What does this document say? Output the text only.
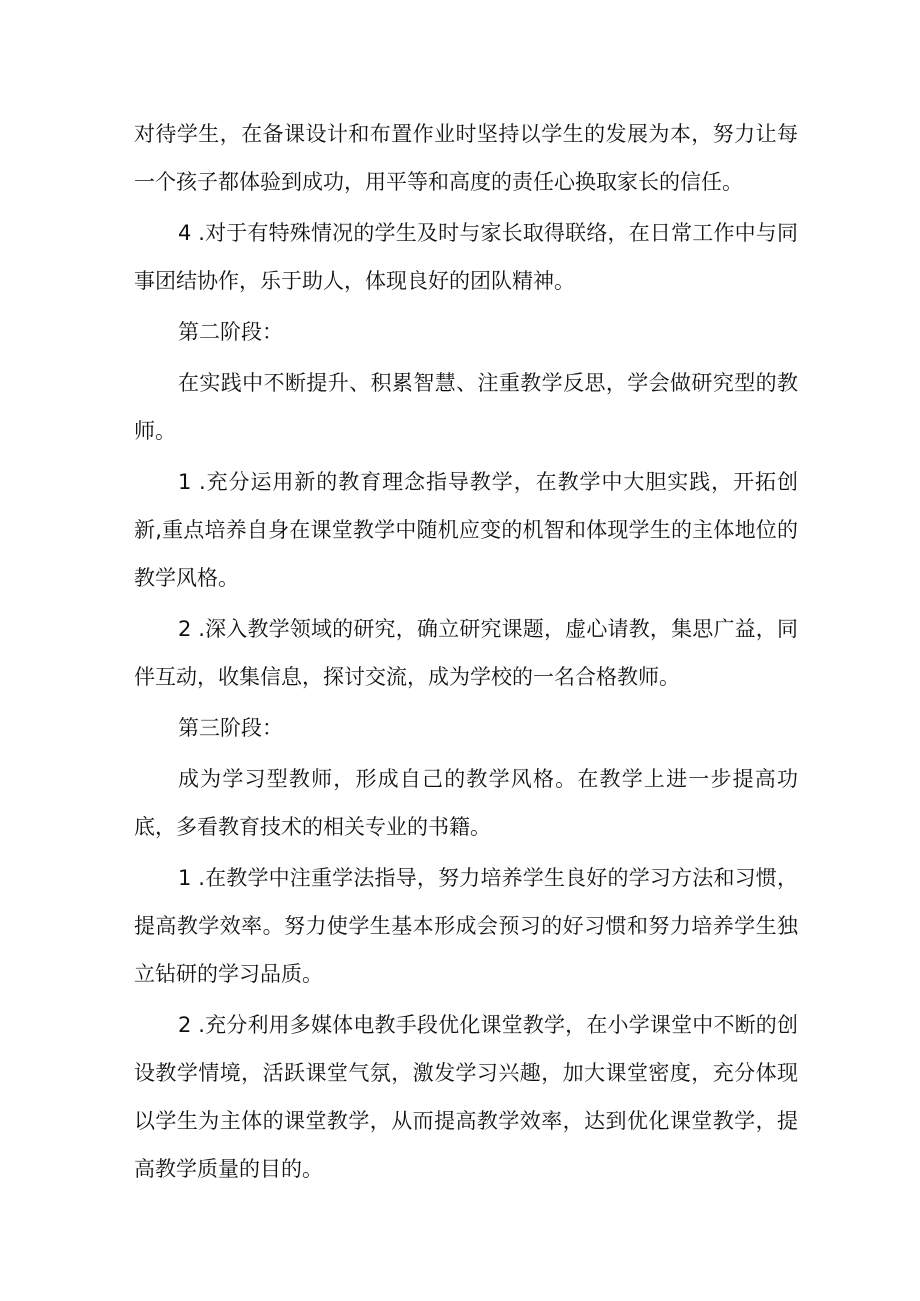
对待学生，在备课设计和布置作业时坚持以学生的发展为本，努力让每一个孩子都体验到成功，用平等和高度的责任心换取家长的信任。

4 .对于有特殊情况的学生及时与家长取得联络，在日常工作中与同事团结协作，乐于助人，体现良好的团队精神。

第二阶段：

在实践中不断提升、积累智慧、注重教学反思，学会做研究型的教师。

1 .充分运用新的教育理念指导教学，在教学中大胆实践，开拓创新,重点培养自身在课堂教学中随机应变的机智和体现学生的主体地位的教学风格。

2 .深入教学领域的研究，确立研究课题，虚心请教，集思广益，同伴互动，收集信息，探讨交流，成为学校的一名合格教师。

第三阶段：

成为学习型教师，形成自己的教学风格。在教学上进一步提高功底，多看教育技术的相关专业的书籍。

1 .在教学中注重学法指导，努力培养学生良好的学习方法和习惯，提高教学效率。努力使学生基本形成会预习的好习惯和努力培养学生独立钻研的学习品质。

2 .充分利用多媒体电教手段优化课堂教学，在小学课堂中不断的创设教学情境，活跃课堂气氛，激发学习兴趣，加大课堂密度，充分体现以学生为主体的课堂教学，从而提高教学效率，达到优化课堂教学，提高教学质量的目的。
